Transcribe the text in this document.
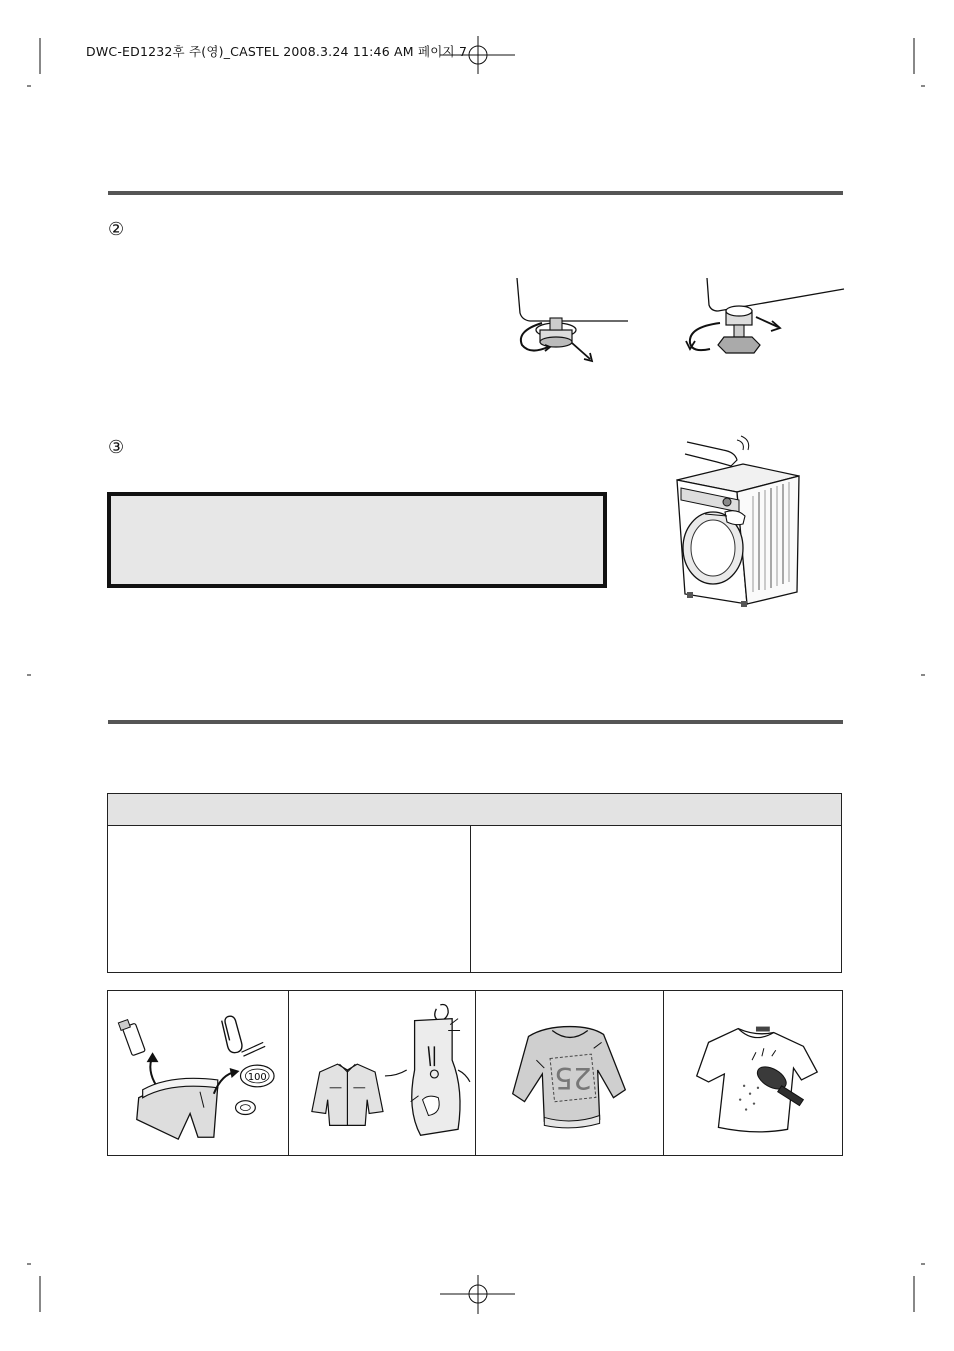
DWC-ED1232후 주(영)_CASTEL 2008.3.24 11:46 AM 페이지 7
②
③
100	25
